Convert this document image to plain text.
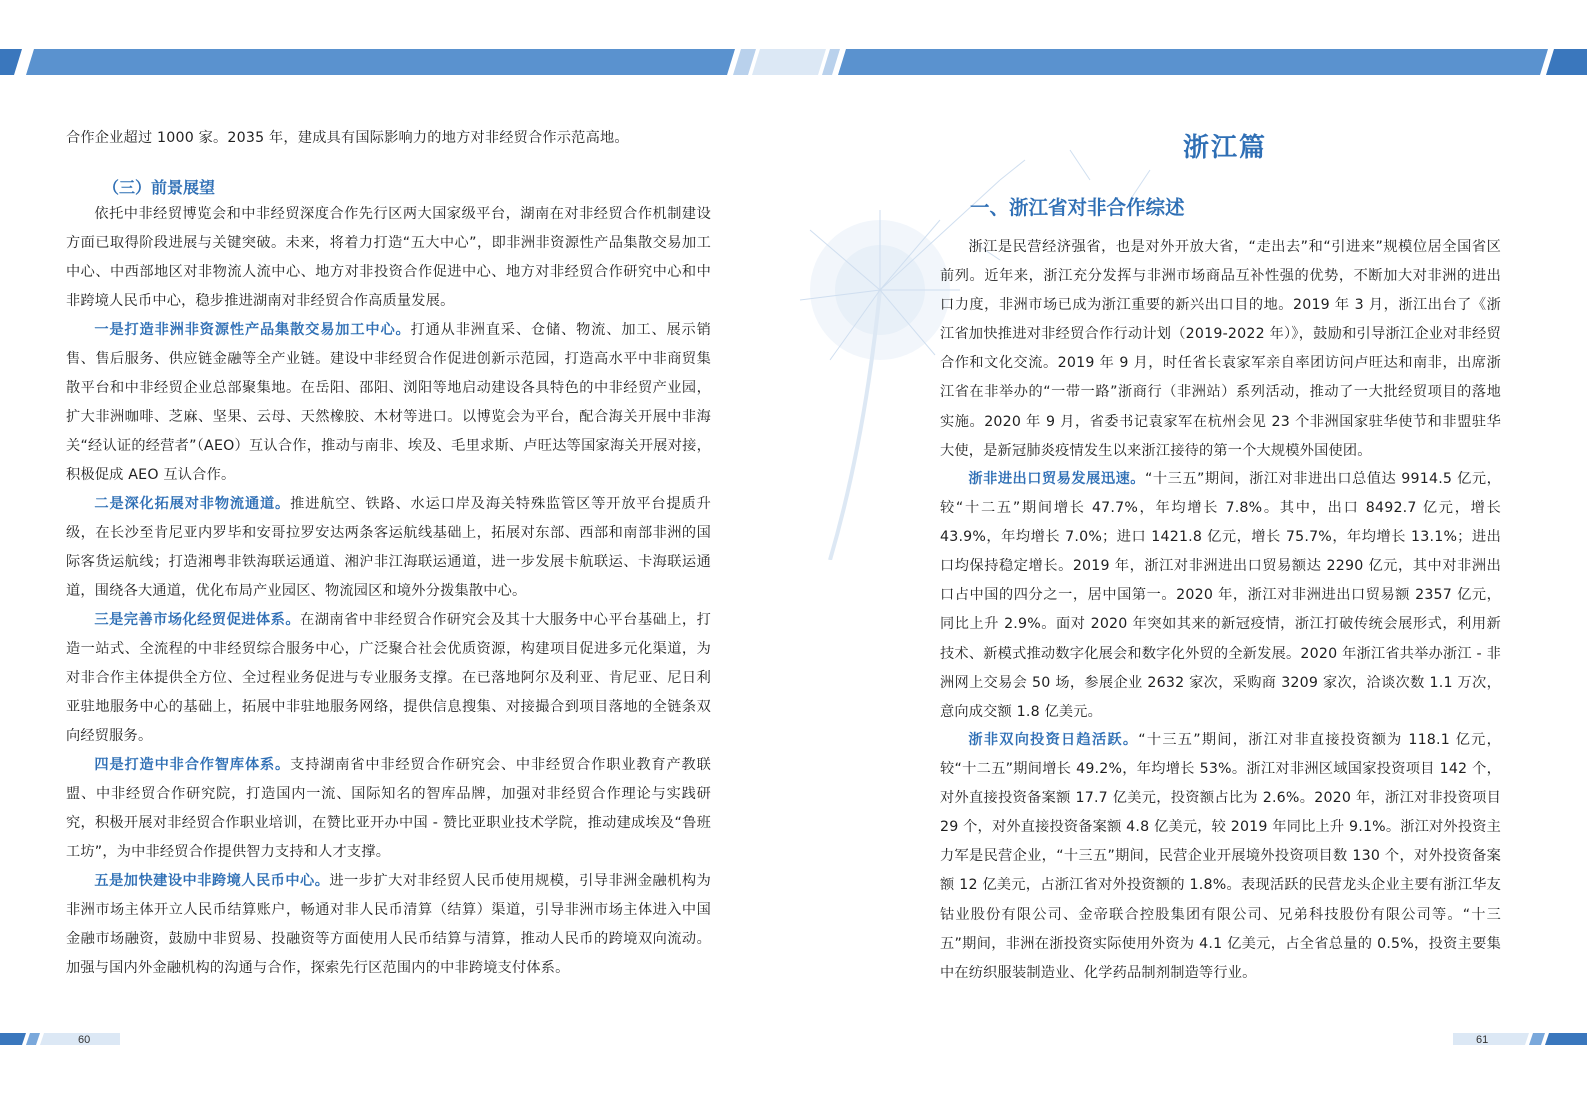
合作企业超过 1000 家。2035 年，建成具有国际影响力的地方对非经贸合作示范高地。

（三）前景展望

依托中非经贸博览会和中非经贸深度合作先行区两大国家级平台，湖南在对非经贸合作机制建设方面已取得阶段进展与关键突破。未来，将着力打造“五大中心”，即非洲非资源性产品集散交易加工中心、中西部地区对非物流人流中心、地方对非投资合作促进中心、地方对非经贸合作研究中心和中非跨境人民币中心，稳步推进湖南对非经贸合作高质量发展。

一是打造非洲非资源性产品集散交易加工中心。打通从非洲直采、仓储、物流、加工、展示销售、售后服务、供应链金融等全产业链。建设中非经贸合作促进创新示范园，打造高水平中非商贸集散平台和中非经贸企业总部聚集地。在岳阳、邵阳、浏阳等地启动建设各具特色的中非经贸产业园，扩大非洲咖啡、芝麻、坚果、云母、天然橡胶、木材等进口。以博览会为平台，配合海关开展中非海关“经认证的经营者”（AEO）互认合作，推动与南非、埃及、毛里求斯、卢旺达等国家海关开展对接，积极促成 AEO 互认合作。

二是深化拓展对非物流通道。推进航空、铁路、水运口岸及海关特殊监管区等开放平台提质升级，在长沙至肯尼亚内罗毕和安哥拉罗安达两条客运航线基础上，拓展对东部、西部和南部非洲的国际客货运航线；打造湘粤非铁海联运通道、湘沪非江海联运通道，进一步发展卡航联运、卡海联运通道，围绕各大通道，优化布局产业园区、物流园区和境外分拨集散中心。

三是完善市场化经贸促进体系。在湖南省中非经贸合作研究会及其十大服务中心平台基础上，打造一站式、全流程的中非经贸综合服务中心，广泛聚合社会优质资源，构建项目促进多元化渠道，为对非合作主体提供全方位、全过程业务促进与专业服务支撑。在已落地阿尔及利亚、肯尼亚、尼日利亚驻地服务中心的基础上，拓展中非驻地服务网络，提供信息搜集、对接撮合到项目落地的全链条双向经贸服务。

四是打造中非合作智库体系。支持湖南省中非经贸合作研究会、中非经贸合作职业教育产教联盟、中非经贸合作研究院，打造国内一流、国际知名的智库品牌，加强对非经贸合作理论与实践研究，积极开展对非经贸合作职业培训，在赞比亚开办中国 - 赞比亚职业技术学院，推动建成埃及“鲁班工坊”，为中非经贸合作提供智力支持和人才支撑。

五是加快建设中非跨境人民币中心。进一步扩大对非经贸人民币使用规模，引导非洲金融机构为非洲市场主体开立人民币结算账户，畅通对非人民币清算（结算）渠道，引导非洲市场主体进入中国金融市场融资，鼓励中非贸易、投融资等方面使用人民币结算与清算，推动人民币的跨境双向流动。加强与国内外金融机构的沟通与合作，探索先行区范围内的中非跨境支付体系。

浙江篇

一、浙江省对非合作综述

浙江是民营经济强省，也是对外开放大省，“走出去”和“引进来”规模位居全国省区前列。近年来，浙江充分发挥与非洲市场商品互补性强的优势，不断加大对非洲的进出口力度，非洲市场已成为浙江重要的新兴出口目的地。2019 年 3 月，浙江出台了《浙江省加快推进对非经贸合作行动计划（2019-2022 年）》，鼓励和引导浙江企业对非经贸合作和文化交流。2019 年 9 月，时任省长袁家军亲自率团访问卢旺达和南非，出席浙江省在非举办的“一带一路”浙商行（非洲站）系列活动，推动了一大批经贸项目的落地实施。2020 年 9 月，省委书记袁家军在杭州会见 23 个非洲国家驻华使节和非盟驻华大使，是新冠肺炎疫情发生以来浙江接待的第一个大规模外国使团。

浙非进出口贸易发展迅速。“十三五”期间，浙江对非进出口总值达 9914.5 亿元，较“十二五”期间增长 47.7%，年均增长 7.8%。其中，出口 8492.7 亿元，增长 43.9%，年均增长 7.0%；进口 1421.8 亿元，增长 75.7%，年均增长 13.1%；进出口均保持稳定增长。2019 年，浙江对非洲进出口贸易额达 2290 亿元，其中对非洲出口占中国的四分之一，居中国第一。2020 年，浙江对非洲进出口贸易额 2357 亿元，同比上升 2.9%。面对 2020 年突如其来的新冠疫情，浙江打破传统会展形式，利用新技术、新模式推动数字化展会和数字化外贸的全新发展。2020 年浙江省共举办浙江 - 非洲网上交易会 50 场，参展企业 2632 家次，采购商 3209 家次，洽谈次数 1.1 万次，意向成交额 1.8 亿美元。

浙非双向投资日趋活跃。“十三五”期间，浙江对非直接投资额为 118.1 亿元，较“十二五”期间增长 49.2%，年均增长 53%。浙江对非洲区域国家投资项目 142 个，对外直接投资备案额 17.7 亿美元，投资额占比为 2.6%。2020 年，浙江对非投资项目 29 个，对外直接投资备案额 4.8 亿美元，较 2019 年同比上升 9.1%。浙江对外投资主力军是民营企业，“十三五”期间，民营企业开展境外投资项目数 130 个，对外投资备案额 12 亿美元，占浙江省对外投资额的 1.8%。表现活跃的民营龙头企业主要有浙江华友钴业股份有限公司、金帝联合控股集团有限公司、兄弟科技股份有限公司等。“十三五”期间，非洲在浙投资实际使用外资为 4.1 亿美元，占全省总量的 0.5%，投资主要集中在纺织服装制造业、化学药品制剂制造等行业。

60	61
